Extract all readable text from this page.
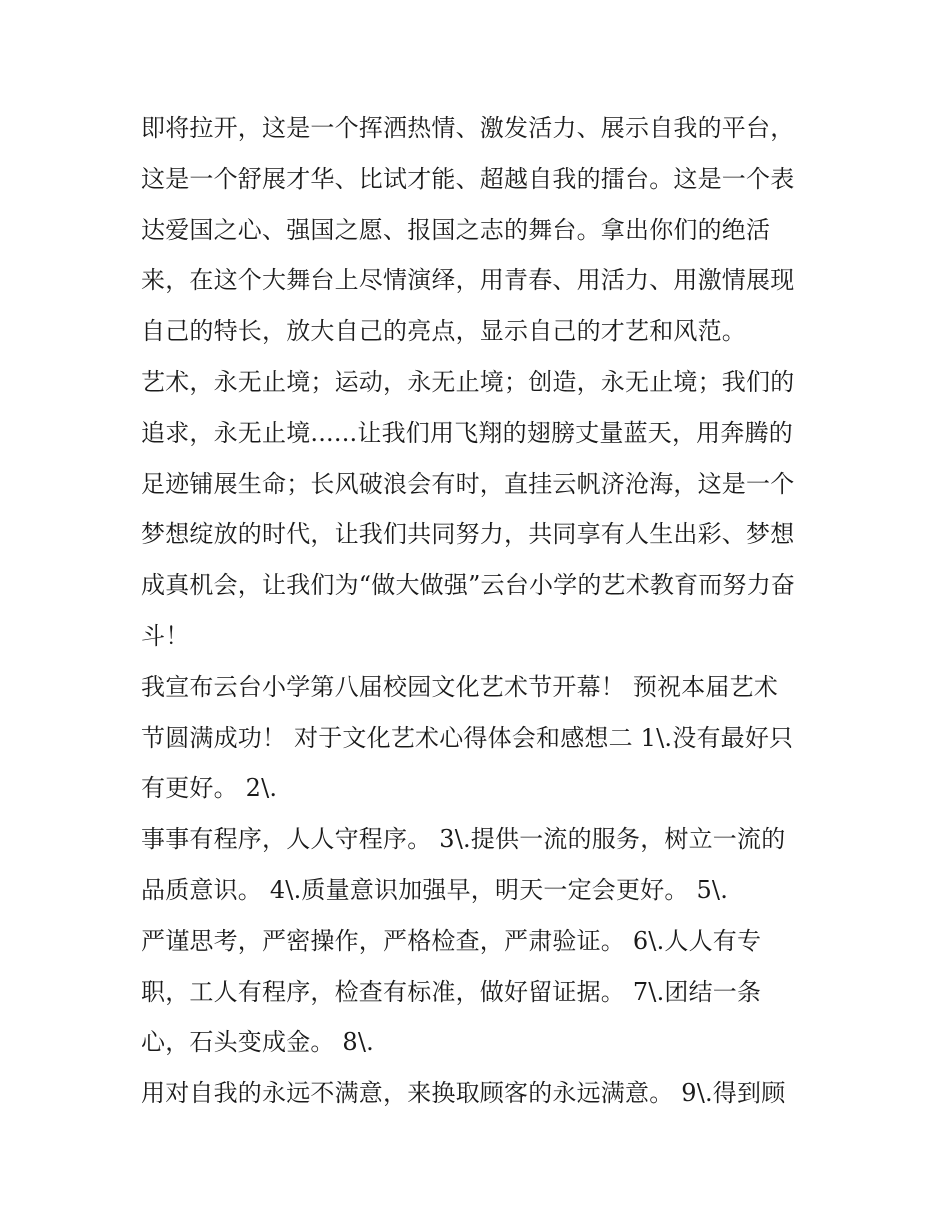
即将拉开，这是一个挥洒热情、激发活力、展示自我的平台，
这是一个舒展才华、比试才能、超越自我的擂台。这是一个表
达爱国之心、强国之愿、报国之志的舞台。拿出你们的绝活
来，在这个大舞台上尽情演绎，用青春、用活力、用激情展现
自己的特长，放大自己的亮点，显示自己的才艺和风范。
艺术，永无止境；运动，永无止境；创造，永无止境；我们的
追求，永无止境......让我们用飞翔的翅膀丈量蓝天，用奔腾的
足迹铺展生命；长风破浪会有时，直挂云帆济沧海，这是一个
梦想绽放的时代，让我们共同努力，共同享有人生出彩、梦想
成真机会，让我们为“做大做强”云台小学的艺术教育而努力奋
斗！
我宣布云台小学第八届校园文化艺术节开幕！ 预祝本届艺术
节圆满成功！ 对于文化艺术心得体会和感想二 1\.没有最好只
有更好。 2\.
事事有程序，人人守程序。 3\.提供一流的服务，树立一流的
品质意识。 4\.质量意识加强早，明天一定会更好。 5\.
严谨思考，严密操作，严格检查，严肃验证。 6\.人人有专
职，工人有程序，检查有标准，做好留证据。 7\.团结一条
心，石头变成金。 8\.
用对自我的永远不满意，来换取顾客的永远满意。 9\.得到顾
